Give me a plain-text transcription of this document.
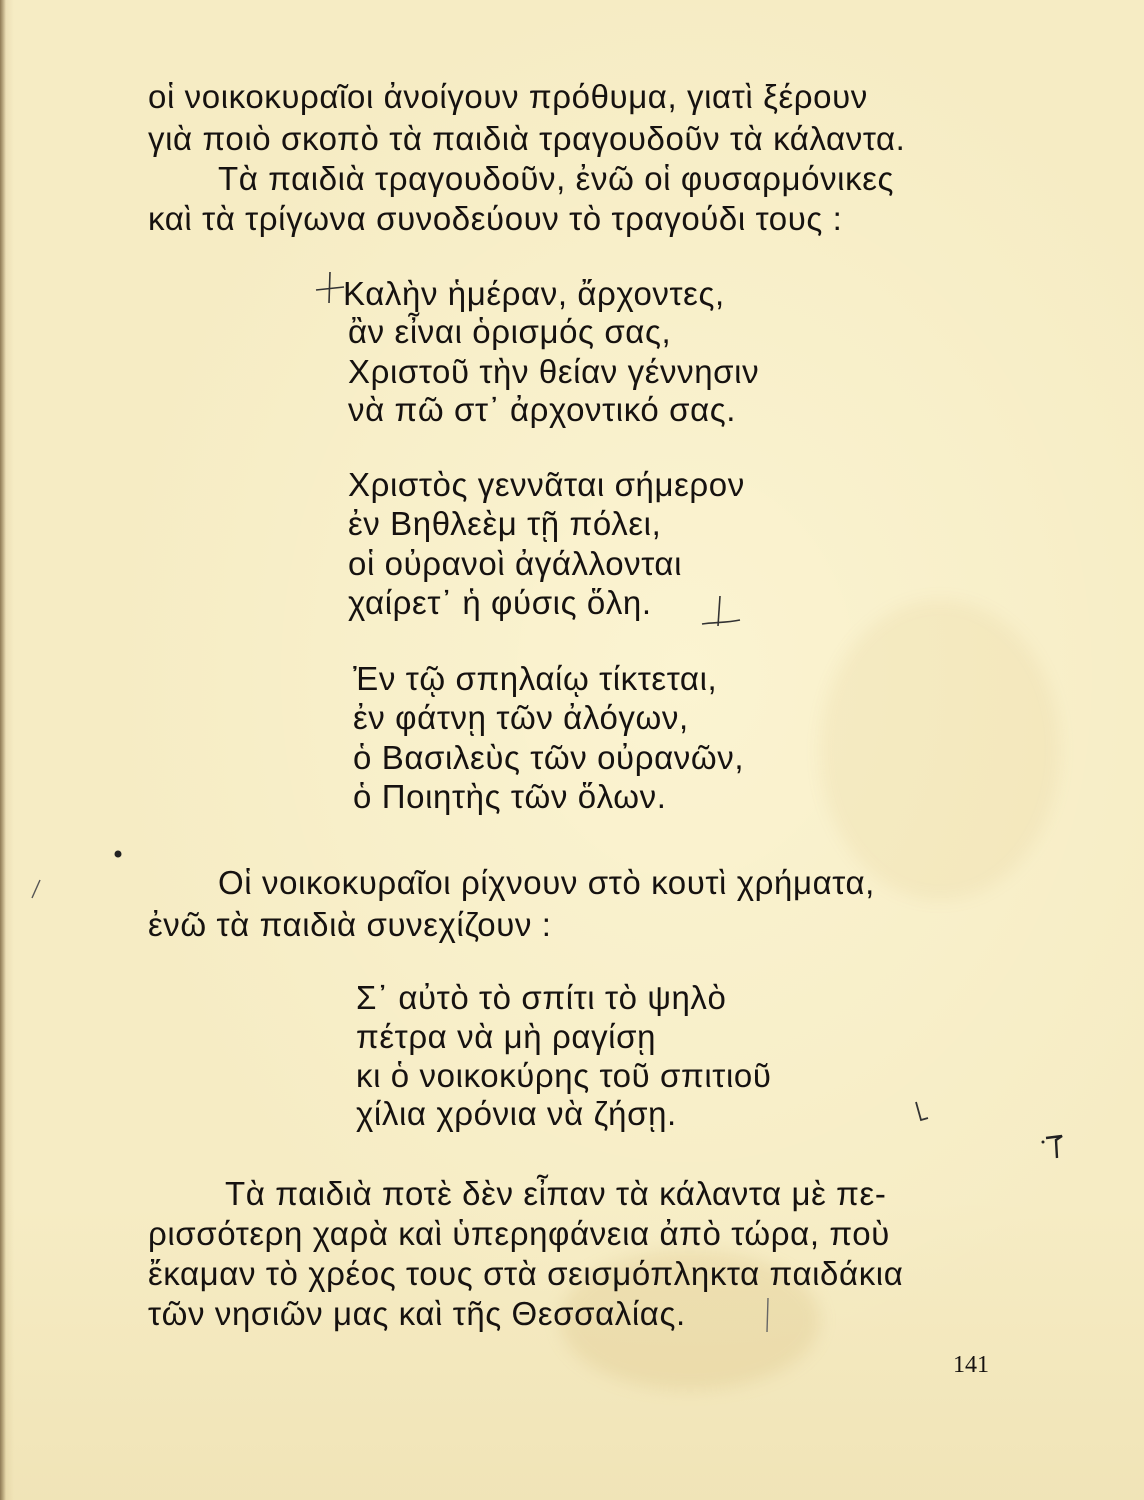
οἱ νοικοκυραῖοι ἀνοίγουν πρόθυμα, γιατὶ ξέρουν
γιὰ ποιὸ σκοπὸ τὰ παιδιὰ τραγουδοῦν τὰ κάλαντα.
Τὰ παιδιὰ τραγουδοῦν, ἐνῶ οἱ φυσαρμόνικες
καὶ τὰ τρίγωνα συνοδεύουν τὸ τραγούδι τους :
Καλὴν ἡμέραν, ἄρχοντες,
ἂν εἶναι ὁρισμός σας,
Χριστοῦ τὴν θείαν γέννησιν
νὰ πῶ στ᾽ ἀρχοντικό σας.
Χριστὸς γεννᾶται σήμερον
ἐν Βηθλεὲμ τῇ πόλει,
οἱ οὐρανοὶ ἀγάλλονται
χαίρετ᾽ ἡ φύσις ὅλη.
Ἐν τῷ σπηλαίῳ τίκτεται,
ἐν φάτνῃ τῶν ἀλόγων,
ὁ Βασιλεὺς τῶν οὐρανῶν,
ὁ Ποιητὴς τῶν ὅλων.
Οἱ νοικοκυραῖοι ρίχνουν στὸ κουτὶ χρήματα,
ἐνῶ τὰ παιδιὰ συνεχίζουν :
Σ᾽ αὐτὸ τὸ σπίτι τὸ ψηλὸ
πέτρα νὰ μὴ ραγίσῃ
κι ὁ νοικοκύρης τοῦ σπιτιοῦ
χίλια χρόνια νὰ ζήσῃ.
Τὰ παιδιὰ ποτὲ δὲν εἶπαν τὰ κάλαντα μὲ πε-
ρισσότερη χαρὰ καὶ ὑπερηφάνεια ἀπὸ τώρα, ποὺ
ἔκαμαν τὸ χρέος τους στὰ σεισμόπληκτα παιδάκια
τῶν νησιῶν μας καὶ τῆς Θεσσαλίας.
141
